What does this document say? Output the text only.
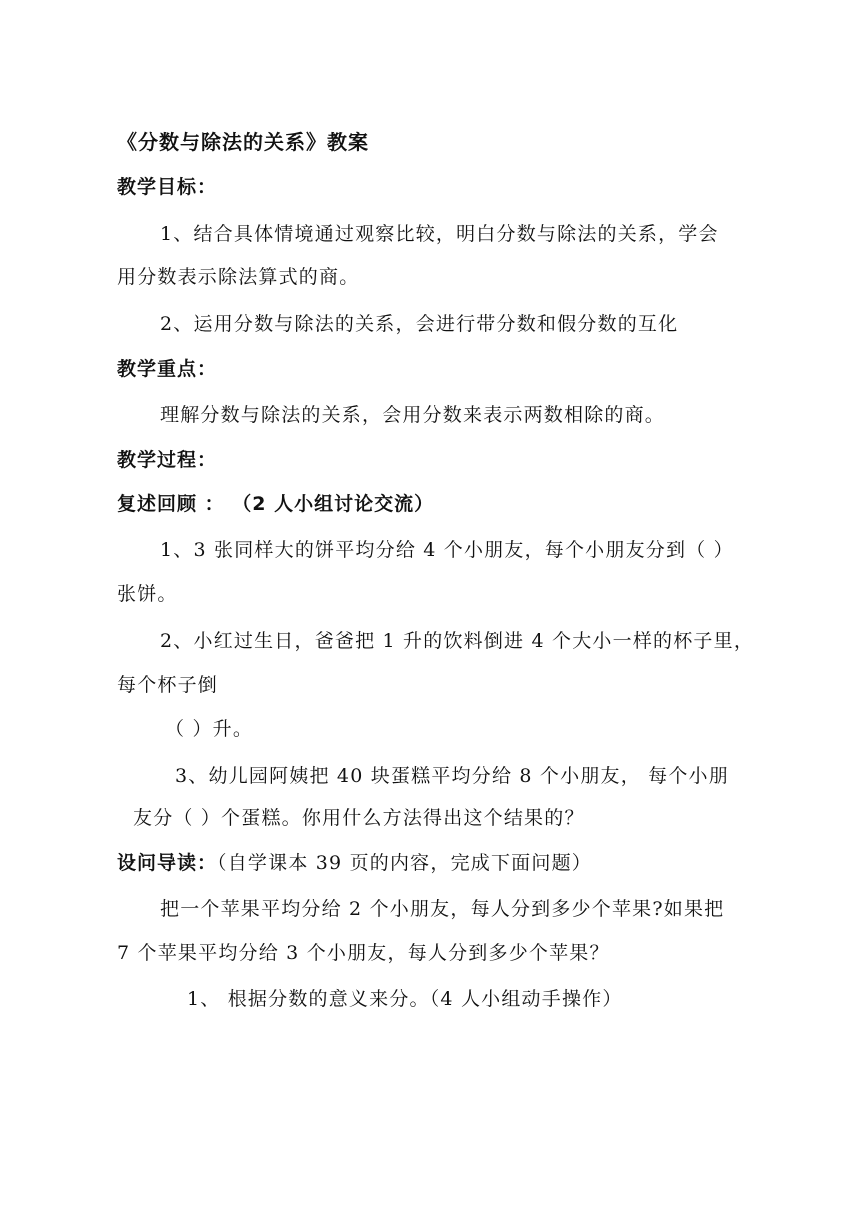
《分数与除法的关系》教案
教学目标：
1、结合具体情境通过观察比较，明白分数与除法的关系，学会
用分数表示除法算式的商。
2、运用分数与除法的关系，会进行带分数和假分数的互化
教学重点：
理解分数与除法的关系，会用分数来表示两数相除的商。
教学过程：
复述回顾 ： （2 人小组讨论交流）
1、3 张同样大的饼平均分给 4 个小朋友，每个小朋友分到（ ）
张饼。
2、小红过生日，爸爸把 1 升的饮料倒进 4 个大小一样的杯子里，
每个杯子倒
（ ）升。
3、幼儿园阿姨把 40 块蛋糕平均分给 8 个小朋友， 每个小朋
友分（ ）个蛋糕。你用什么方法得出这个结果的？
设问导读：（自学课本 39 页的内容，完成下面问题）
把一个苹果平均分给 2 个小朋友，每人分到多少个苹果?如果把
7 个苹果平均分给 3 个小朋友，每人分到多少个苹果？
1、 根据分数的意义来分。（4 人小组动手操作）
